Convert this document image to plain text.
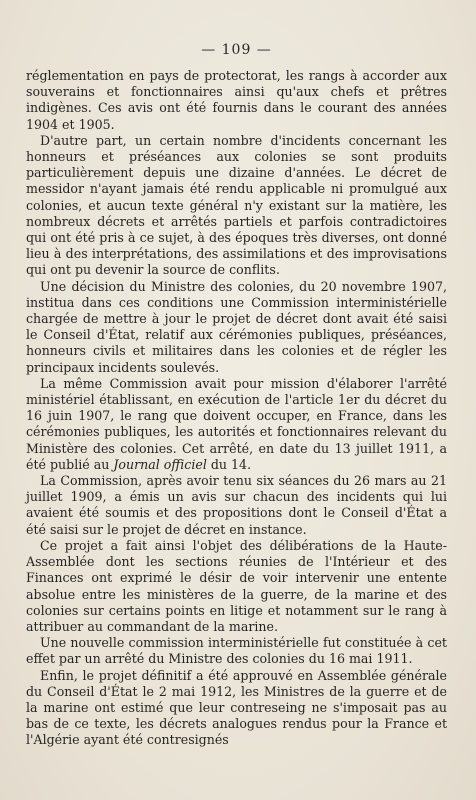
— 109 —

réglementation en pays de protectorat, les rangs à accorder aux souverains et fonctionnaires ainsi qu'aux chefs et prêtres indigènes. Ces avis ont été fournis dans le courant des années 1904 et 1905.

D'autre part, un certain nombre d'incidents concernant les honneurs et préséances aux colonies se sont produits particulièrement depuis une dizaine d'années. Le décret de messidor n'ayant jamais été rendu applicable ni promulgué aux colonies, et aucun texte général n'y existant sur la matière, les nombreux décrets et arrêtés partiels et parfois contradictoires qui ont été pris à ce sujet, à des époques très diverses, ont donné lieu à des interprétations, des assimilations et des improvisations qui ont pu devenir la source de conflits.

Une décision du Ministre des colonies, du 20 novembre 1907, institua dans ces conditions une Commission interministérielle chargée de mettre à jour le projet de décret dont avait été saisi le Conseil d'État, relatif aux cérémonies publiques, préséances, honneurs civils et militaires dans les colonies et de régler les principaux incidents soulevés.

La même Commission avait pour mission d'élaborer l'arrêté ministériel établissant, en exécution de l'article 1er du décret du 16 juin 1907, le rang que doivent occuper, en France, dans les cérémonies publiques, les autorités et fonctionnaires relevant du Ministère des colonies. Cet arrêté, en date du 13 juillet 1911, a été publié au Journal officiel du 14.

La Commission, après avoir tenu six séances du 26 mars au 21 juillet 1909, a émis un avis sur chacun des incidents qui lui avaient été soumis et des propositions dont le Conseil d'État a été saisi sur le projet de décret en instance.

Ce projet a fait ainsi l'objet des délibérations de la Haute-Assemblée dont les sections réunies de l'Intérieur et des Finances ont exprimé le désir de voir intervenir une entente absolue entre les ministères de la guerre, de la marine et des colonies sur certains points en litige et notamment sur le rang à attribuer au commandant de la marine.

Une nouvelle commission interministérielle fut constituée à cet effet par un arrêté du Ministre des colonies du 16 mai 1911.

Enfin, le projet définitif a été approuvé en Assemblée générale du Conseil d'État le 2 mai 1912, les Ministres de la guerre et de la marine ont estimé que leur contreseing ne s'imposait pas au bas de ce texte, les décrets analogues rendus pour la France et l'Algérie ayant été contresignés
